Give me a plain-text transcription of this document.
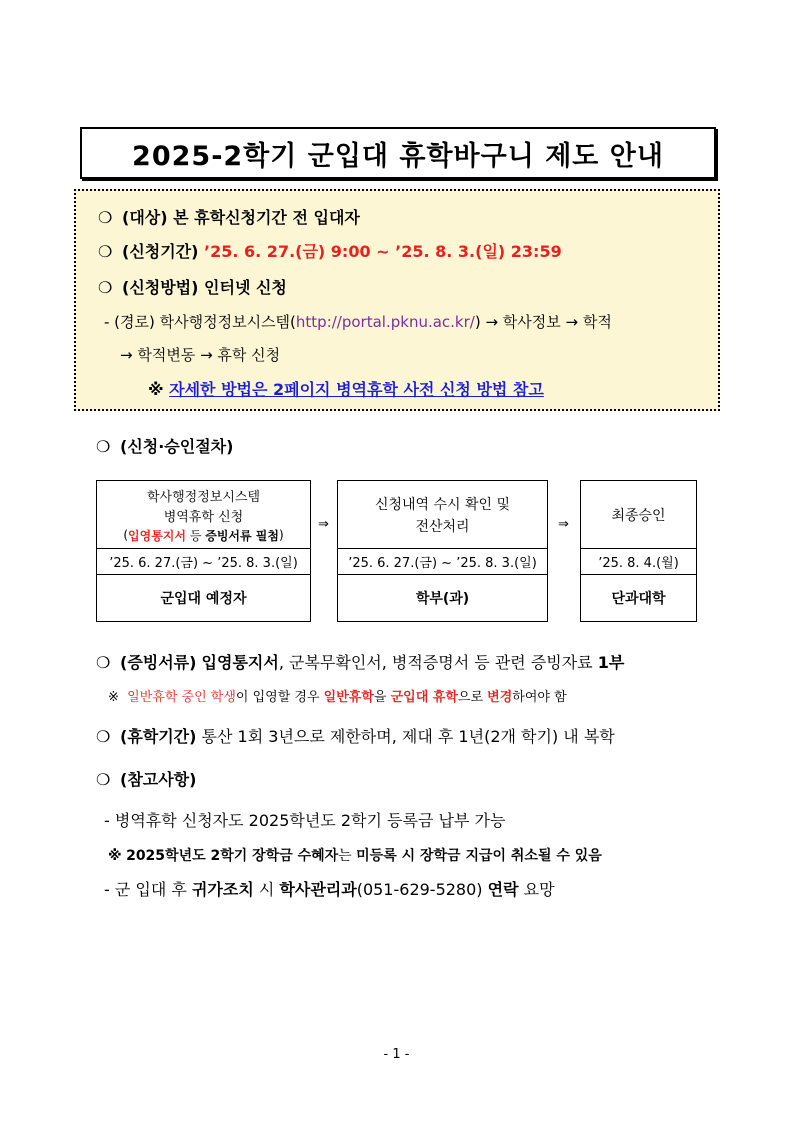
2025-2학기 군입대 휴학바구니 제도 안내
❍ (대상) 본 휴학신청기간 전 입대자
❍ (신청기간) ’25. 6. 27.(금) 9:00 ~ ’25. 8. 3.(일) 23:59
❍ (신청방법) 인터넷 신청
- (경로) 학사행정정보시스템(http://portal.pknu.ac.kr/) → 학사정보 → 학적
→ 학적변동 → 휴학 신청
※ 자세한 방법은 2페이지 병역휴학 사전 신청 방법 참고
❍ (신청·승인절차)
학사행정정보시스템
병역휴학 신청
( 입영통지서 등 증빙서류 필첨 )
’25. 6. 27.(금) ~ ’25. 8. 3.(일)
군입대 예정자
⇒
신청내역 수시 확인 및
전산처리
’25. 6. 27.(금) ~ ’25. 8. 3.(일)
학부(과)
⇒
최종승인
’25. 8. 4.(월)
단과대학
❍ (증빙서류) 입영통지서, 군복무확인서, 병적증명서 등 관련 증빙자료 1부
※ 일반휴학 중인 학생이 입영할 경우 일반휴학을 군입대 휴학으로 변경하여야 함
❍ (휴학기간) 통산 1회 3년으로 제한하며, 제대 후 1년(2개 학기) 내 복학
❍ (참고사항)
- 병역휴학 신청자도 2025학년도 2학기 등록금 납부 가능
※ 2025학년도 2학기 장학금 수혜자는 미등록 시 장학금 지급이 취소될 수 있음
- 군 입대 후 귀가조치 시 학사관리과(051-629-5280) 연락 요망
- 1 -
